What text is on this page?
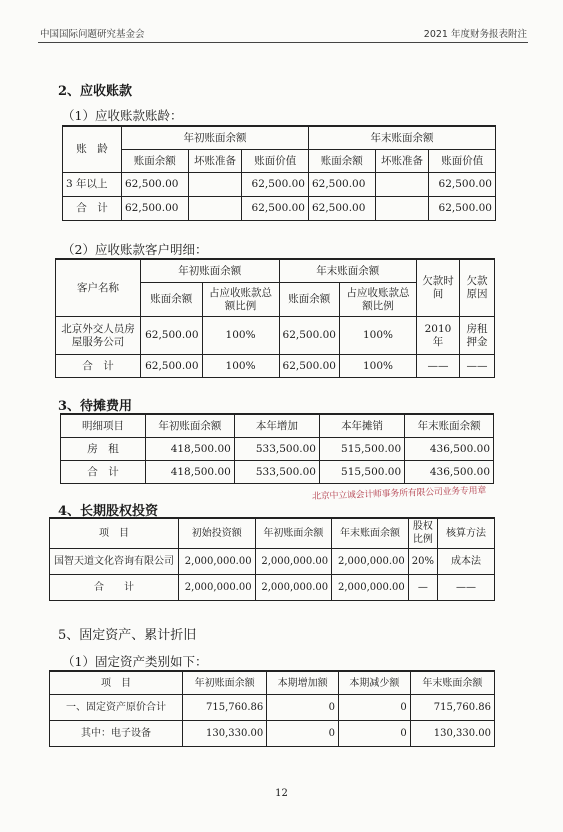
中国国际问题研究基金会	2021 年度财务报表附注
2、应收账款
（1）应收账款账龄：
账　龄	年初账面余额			年末账面余额		
	账面余额	坏账准备	账面价值	账面余额	坏账准备	账面价值
3 年以上	62,500.00		62,500.00	62,500.00		62,500.00
合　计	62,500.00		62,500.00	62,500.00		62,500.00
（2）应收账款客户明细：
客户名称	年初账面余额		年末账面余额		欠款时间	欠款原因
	账面余额	占应收账款总额比例	账面余额	占应收账款总额比例		
北京外交人员房屋服务公司	62,500.00	100%	62,500.00	100%	2010 年	房租押金
合　计	62,500.00	100%	62,500.00	100%	——	——
3、待摊费用
明细项目	年初账面余额	本年增加	本年摊销	年末账面余额
房　租	418,500.00	533,500.00	515,500.00	436,500.00
合　计	418,500.00	533,500.00	515,500.00	436,500.00
北京中立诚会计师事务所有限公司业务专用章
4、长期股权投资
项　目	初始投资额	年初账面余额	年末账面余额	股权比例	核算方法
国智天道文化咨询有限公司	2,000,000.00	2,000,000.00	2,000,000.00	20%	成本法
合　　计	2,000,000.00	2,000,000.00	2,000,000.00	—	——
5、固定资产、累计折旧
（1）固定资产类别如下：
项　目	年初账面余额	本期增加额	本期减少额	年末账面余额
一、固定资产原价合计	715,760.86	0	0	715,760.86
其中：电子设备	130,330.00	0	0	130,330.00
12
